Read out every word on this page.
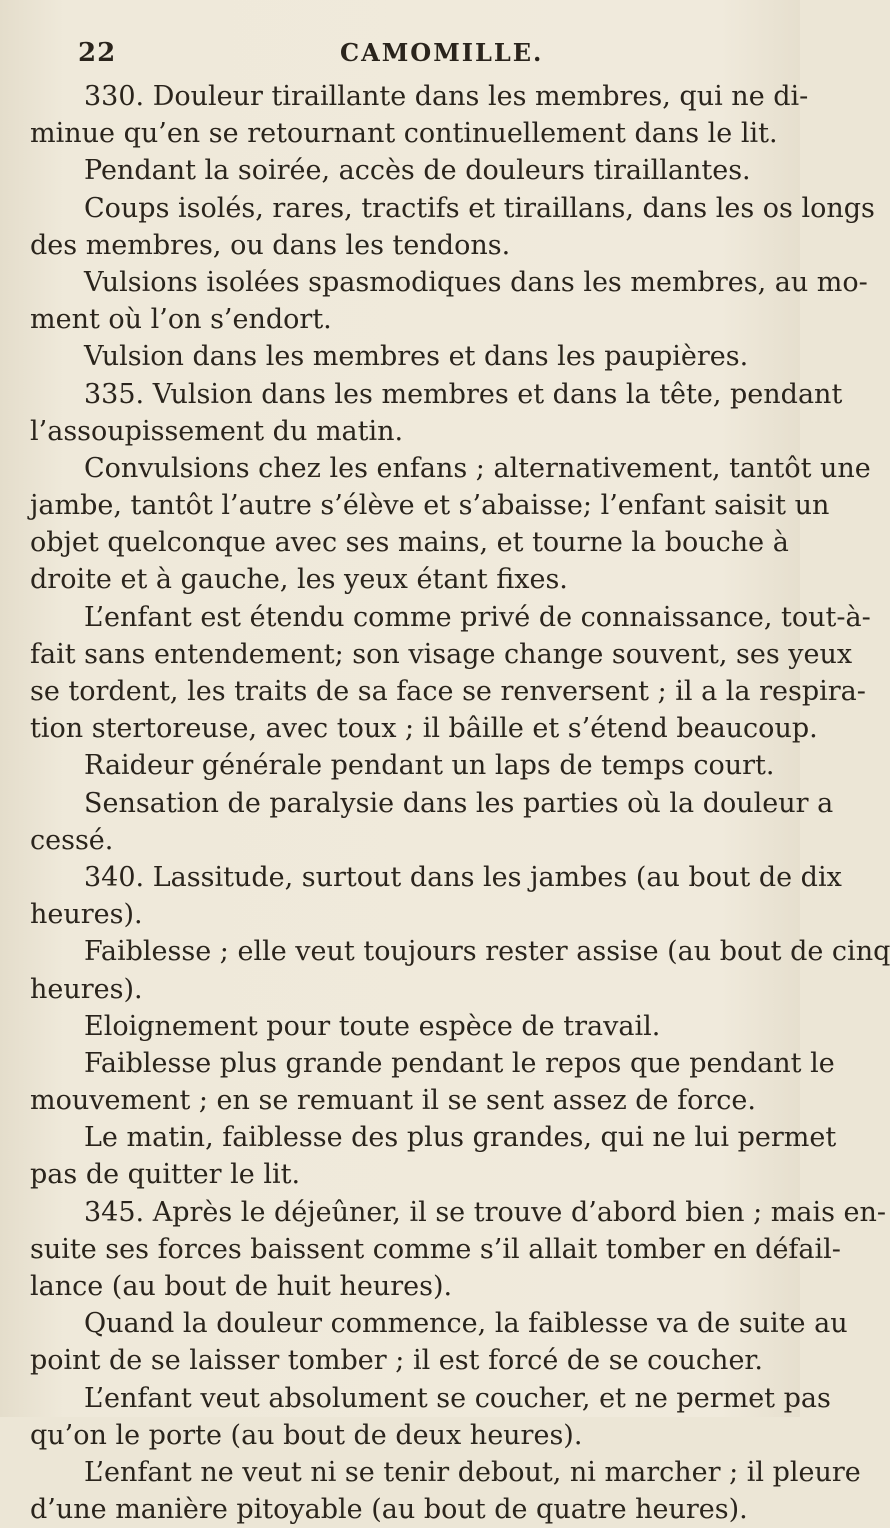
22	CAMOMILLE.
330. Douleur tiraillante dans les membres, qui ne di-
minue qu’en se retournant continuellement dans le lit.
Pendant la soirée, accès de douleurs tiraillantes.
Coups isolés, rares, tractifs et tiraillans, dans les os longs
des membres, ou dans les tendons.
Vulsions isolées spasmodiques dans les membres, au mo-
ment où l’on s’endort.
Vulsion dans les membres et dans les paupières.
335. Vulsion dans les membres et dans la tête, pendant
l’assoupissement du matin.
Convulsions chez les enfans ; alternativement, tantôt une
jambe, tantôt l’autre s’élève et s’abaisse; l’enfant saisit un
objet quelconque avec ses mains, et tourne la bouche à
droite et à gauche, les yeux étant fixes.
L’enfant est étendu comme privé de connaissance, tout-à-
fait sans entendement; son visage change souvent, ses yeux
se tordent, les traits de sa face se renversent ; il a la respira-
tion stertoreuse, avec toux ; il bâille et s’étend beaucoup.
Raideur générale pendant un laps de temps court.
Sensation de paralysie dans les parties où la douleur a
cessé.
340. Lassitude, surtout dans les jambes (au bout de dix
heures).
Faiblesse ; elle veut toujours rester assise (au bout de cinq
heures).
Eloignement pour toute espèce de travail.
Faiblesse plus grande pendant le repos que pendant le
mouvement ; en se remuant il se sent assez de force.
Le matin, faiblesse des plus grandes, qui ne lui permet
pas de quitter le lit.
345. Après le déjeûner, il se trouve d’abord bien ; mais en-
suite ses forces baissent comme s’il allait tomber en défail-
lance (au bout de huit heures).
Quand la douleur commence, la faiblesse va de suite au
point de se laisser tomber ; il est forcé de se coucher.
L’enfant veut absolument se coucher, et ne permet pas
qu’on le porte (au bout de deux heures).
L’enfant ne veut ni se tenir debout, ni marcher ; il pleure
d’une manière pitoyable (au bout de quatre heures).
